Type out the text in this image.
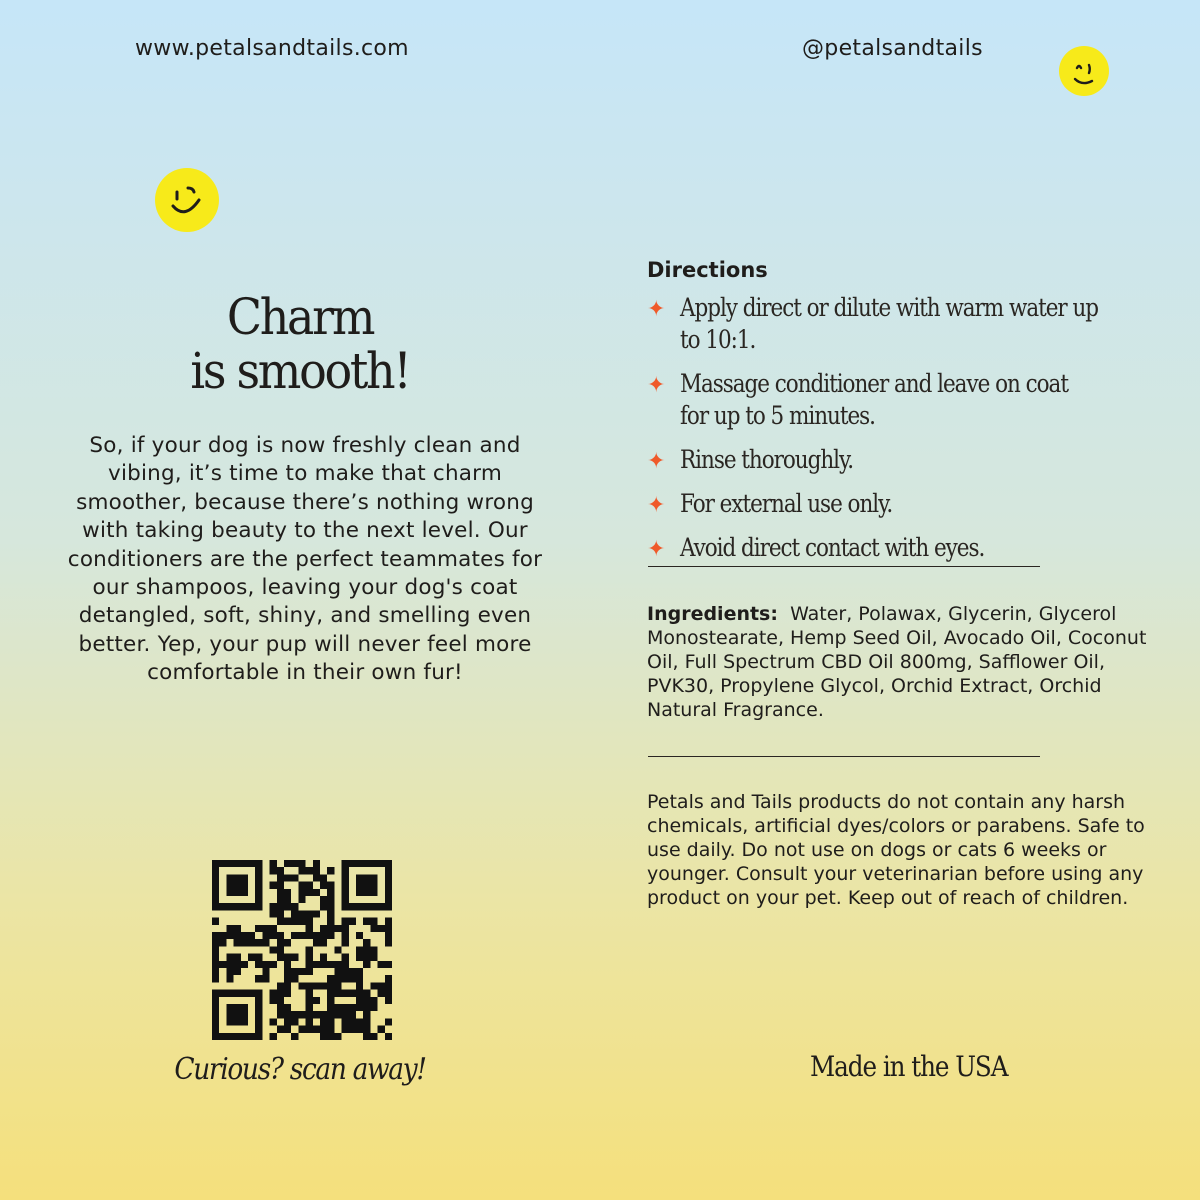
www.petalsandtails.com	@petalsandtails
Charm
is smooth!

So, if your dog is now freshly clean and vibing, it’s time to make that charm smoother, because there’s nothing wrong with taking beauty to the next level. Our conditioners are the perfect teammates for our shampoos, leaving your dog's coat detangled, soft, shiny, and smelling even better. Yep, your pup will never feel more comfortable in their own fur!

Curious? scan away!
Directions
✦ Apply direct or dilute with warm water up to 10:1.
✦ Massage conditioner and leave on coat for up to 5 minutes.
✦ Rinse thoroughly.
✦ For external use only.
✦ Avoid direct contact with eyes.

Ingredients: Water, Polawax, Glycerin, Glycerol Monostearate, Hemp Seed Oil, Avocado Oil, Coconut Oil, Full Spectrum CBD Oil 800mg, Safflower Oil, PVK30, Propylene Glycol, Orchid Extract, Orchid Natural Fragrance.

Petals and Tails products do not contain any harsh chemicals, artificial dyes/colors or parabens. Safe to use daily. Do not use on dogs or cats 6 weeks or younger. Consult your veterinarian before using any product on your pet. Keep out of reach of children.

Made in the USA
